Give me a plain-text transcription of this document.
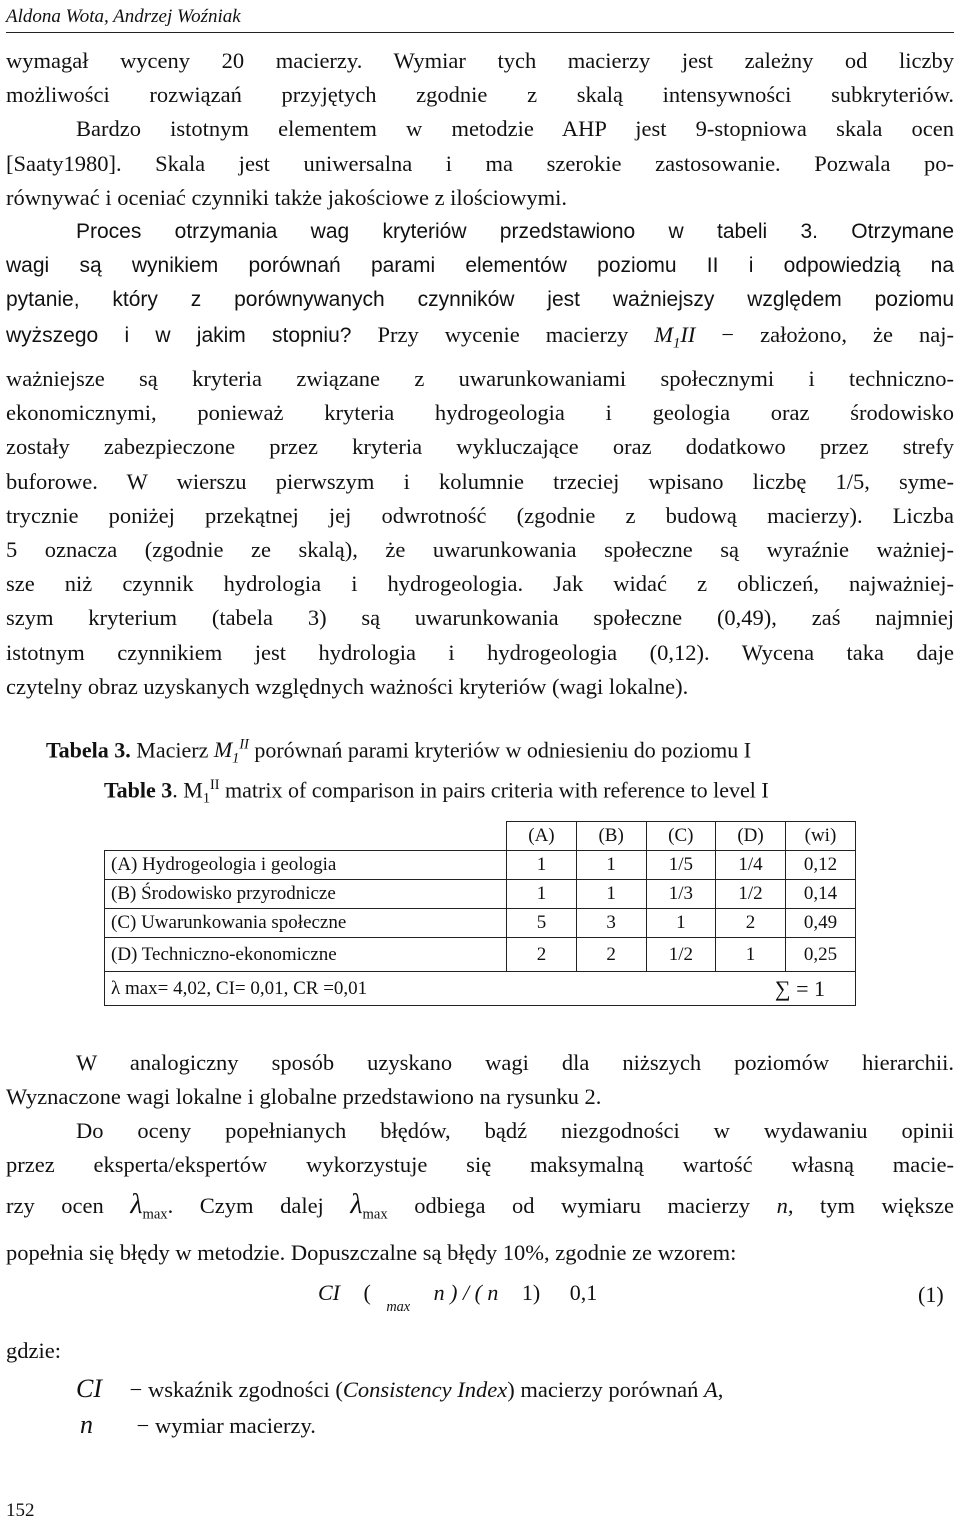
Aldona Wota, Andrzej Woźniak
wymagał wyceny 20 macierzy. Wymiar tych macierzy jest zależny od liczby
możliwości rozwiązań przyjętych zgodnie z skalą intensywności subkryteriów.
Bardzo istotnym elementem w metodzie AHP jest 9-stopniowa skala ocen
[Saaty1980]. Skala jest uniwersalna i ma szerokie zastosowanie. Pozwala po-
równywać i oceniać czynniki także jakościowe z ilościowymi.
Proces otrzymania wag kryteriów przedstawiono w tabeli 3. Otrzymane
wagi są wynikiem porównań parami elementów poziomu II i odpowiedzią na
pytanie, który z porównywanych czynników jest ważniejszy względem poziomu
wyższego i w jakim stopniu? Przy wycenie macierzy $M_1II$ − założono, że naj-
ważniejsze są kryteria związane z uwarunkowaniami społecznymi i techniczno-
ekonomicznymi, ponieważ kryteria hydrogeologia i geologia oraz środowisko
zostały zabezpieczone przez kryteria wykluczające oraz dodatkowo przez strefy
buforowe. W wierszu pierwszym i kolumnie trzeciej wpisano liczbę 1/5, syme-
trycznie poniżej przekątnej jej odwrotność (zgodnie z budową macierzy). Liczba
5 oznacza (zgodnie ze skalą), że uwarunkowania społeczne są wyraźnie ważniej-
sze niż czynnik hydrologia i hydrogeologia. Jak widać z obliczeń, najważniej-
szym kryterium (tabela 3) są uwarunkowania społeczne (0,49), zaś najmniej
istotnym czynnikiem jest hydrologia i hydrogeologia (0,12). Wycena taka daje
czytelny obraz uzyskanych względnych ważności kryteriów (wagi lokalne).
Tabela 3. Macierz $M_1^{II}$ porównań parami kryteriów w odniesieniu do poziomu I
Table 3. $M_1^{II}$ matrix of comparison in pairs criteria with reference to level I
	(A)	(B)	(C)	(D)	(wi)
(A) Hydrogeologia i geologia	1	1	1/5	1/4	0,12
(B) Środowisko przyrodnicze	1	1	1/3	1/2	0,14
(C) Uwarunkowania społeczne	5	3	1	2	0,49
(D) Techniczno-ekonomiczne	2	2	1/2	1	0,25
λ max= 4,02, CI= 0,01, CR =0,01				∑ = 1	
W analogiczny sposób uzyskano wagi dla niższych poziomów hierarchii.
Wyznaczone wagi lokalne i globalne przedstawiono na rysunku 2.
Do oceny popełnianych błędów, bądź niezgodności w wydawaniu opinii
przez eksperta/ekspertów wykorzystuje się maksymalną wartość własną macie-
rzy ocen $\lambda_{max}$. Czym dalej $\lambda_{max}$ odbiega od wymiaru macierzy n, tym większe
popełnia się błędy w metodzie. Dopuszczalne są błędy 10%, zgodnie ze wzorem:
CI ( $_{max}$ n ) / ( n 1) 0,1	(1)
gdzie:
CI − wskaźnik zgodności (Consistency Index) macierzy porównań A,
n − wymiar macierzy.
152
